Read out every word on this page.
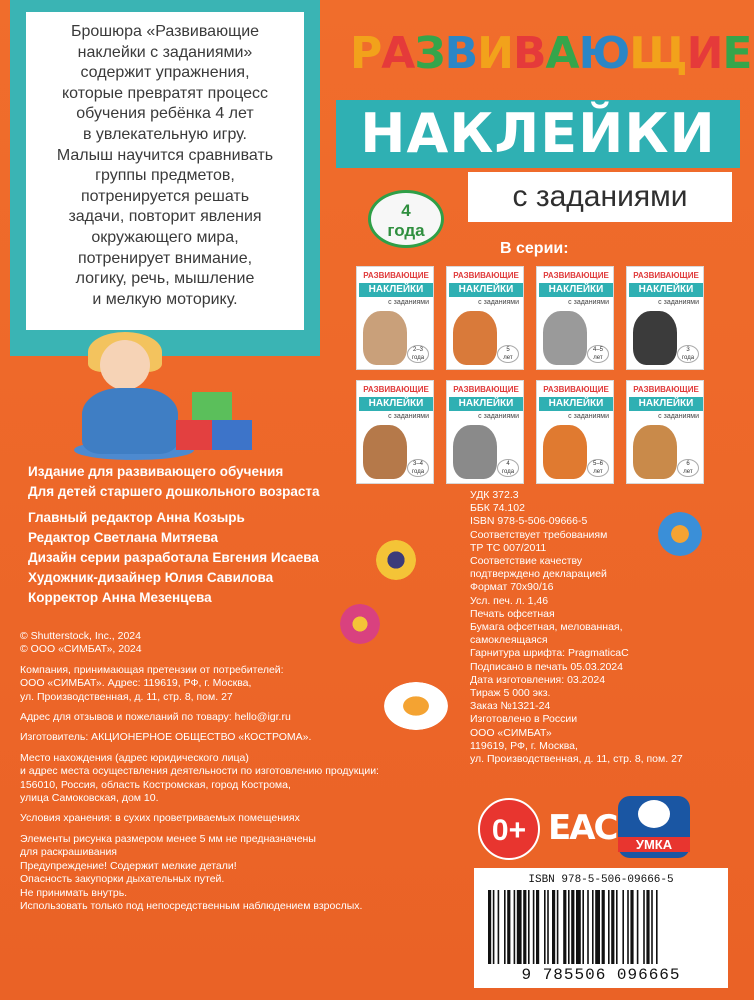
Брошюра «Развивающие
наклейки с заданиями»
содержит упражнения,
которые превратят процесс
обучения ребёнка 4 лет
в увлекательную игру.
Малыш научится сравнивать
группы предметов,
потренируется решать
задачи, повторит явления
окружающего мира,
потренирует внимание,
логику, речь, мышление
и мелкую моторику.

РАЗВИВАЮЩИЕ
НАКЛЕЙКИ
с заданиями
4
года
В серии:
РАЗВИВАЮЩИЕ
НАКЛЕЙКИ
с заданиями
2–3
года
РАЗВИВАЮЩИЕ
НАКЛЕЙКИ
с заданиями
5
лет
РАЗВИВАЮЩИЕ
НАКЛЕЙКИ
с заданиями
4–5
лет
РАЗВИВАЮЩИЕ
НАКЛЕЙКИ
с заданиями
3
года
РАЗВИВАЮЩИЕ
НАКЛЕЙКИ
с заданиями
3–4
года
РАЗВИВАЮЩИЕ
НАКЛЕЙКИ
с заданиями
4
года
РАЗВИВАЮЩИЕ
НАКЛЕЙКИ
с заданиями
5–6
лет
РАЗВИВАЮЩИЕ
НАКЛЕЙКИ
с заданиями
6
лет
Издание для развивающего обучения
Для детей старшего дошкольного возраста
Главный редактор Анна Козырь
Редактор Светлана Митяева
Дизайн серии разработала Евгения Исаева
Художник-дизайнер Юлия Савилова
Корректор Анна Мезенцева

© Shutterstock, Inc., 2024
© ООО «СИМБАТ», 2024

Компания, принимающая претензии от потребителей:
ООО «СИМБАТ». Адрес: 119619, РФ, г. Москва,
ул. Производственная, д. 11, стр. 8, пом. 27

Адрес для отзывов и пожеланий по товару: hello@igr.ru

Изготовитель: АКЦИОНЕРНОЕ ОБЩЕСТВО «КОСТРОМА».

Место нахождения (адрес юридического лица)
и адрес места осуществления деятельности по изготовлению продукции:
156010, Россия, область Костромская, город Кострома,
улица Самоковская, дом 10.

Условия хранения: в сухих проветриваемых помещениях

Элементы рисунка размером менее 5 мм не предназначены
для раскрашивания
Предупреждение! Содержит мелкие детали!
Опасность закупорки дыхательных путей.
Не принимать внутрь.
Использовать только под непосредственным наблюдением взрослых.

УДК 372.3
ББК 74.102
ISBN 978-5-506-09666-5
Соответствует требованиям
ТР ТС 007/2011
Соответствие качеству
подтверждено декларацией
Формат 70х90/16
Усл. печ. л. 1,46
Печать офсетная
Бумага офсетная, мелованная,
самоклеящаяся
Гарнитура шрифта: PragmaticaC
Подписано в печать 05.03.2024
Дата изготовления: 03.2024
Тираж 5 000 экз.
Заказ №1321-24
Изготовлено в России
ООО «СИМБАТ»
119619, РФ, г. Москва,
ул. Производственная, д. 11, стр. 8, пом. 27
0+ EAC	УМКА
ISBN 978-5-506-09666-5
9 785506 096665
